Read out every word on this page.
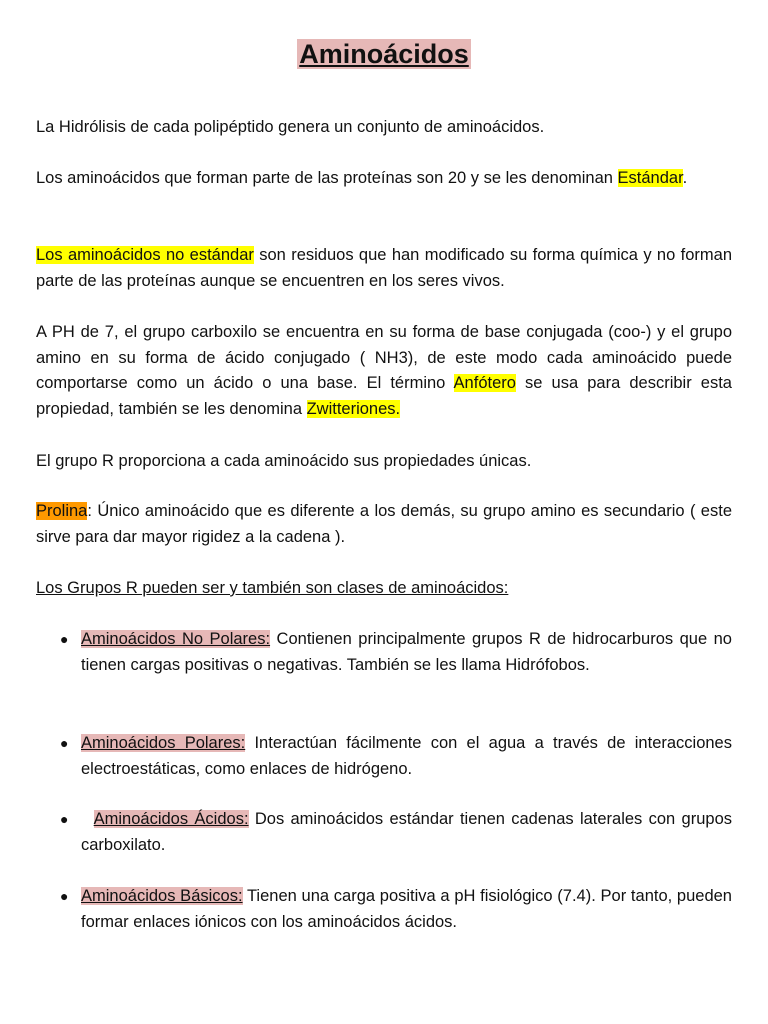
Aminoácidos

La Hidrólisis de cada polipéptido genera un conjunto de aminoácidos.

Los aminoácidos que forman parte de las proteínas son 20 y se les denominan Estándar.

Los aminoácidos no estándar son residuos que han modificado su forma química y no forman parte de las proteínas aunque se encuentren en los seres vivos.

A PH de 7, el grupo carboxilo se encuentra en su forma de base conjugada (coo-) y el grupo amino en su forma de ácido conjugado ( NH3), de este modo cada aminoácido puede comportarse como un ácido o una base. El término Anfótero se usa para describir esta propiedad, también se les denomina Zwitteriones.

El grupo R proporciona a cada aminoácido sus propiedades únicas.

Prolina: Único aminoácido que es diferente a los demás, su grupo amino es secundario ( este sirve para dar mayor rigidez a la cadena ).

Los Grupos R pueden ser y también son clases de aminoácidos:

● Aminoácidos No Polares: Contienen principalmente grupos R de hidrocarburos que no tienen cargas positivas o negativas. También se les llama Hidrófobos.
● Aminoácidos Polares: Interactúan fácilmente con el agua a través de interacciones electroestáticas, como enlaces de hidrógeno.
●	Aminoácidos Ácidos: Dos aminoácidos estándar tienen cadenas laterales con grupos carboxilato.
● Aminoácidos Básicos: Tienen una carga positiva a pH fisiológico (7.4). Por tanto, pueden formar enlaces iónicos con los aminoácidos ácidos.
